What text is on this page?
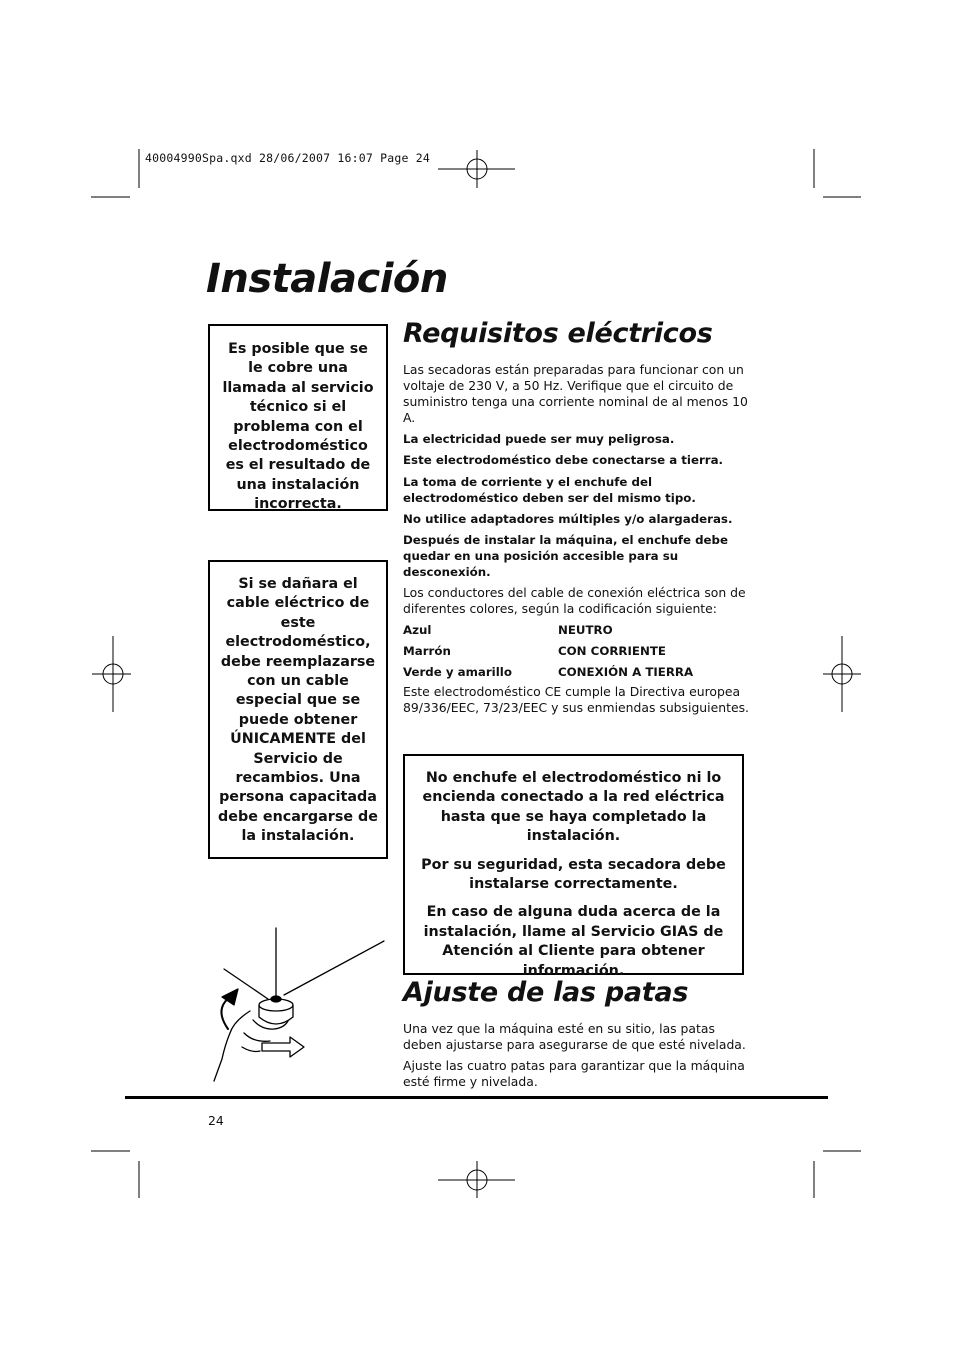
40004990Spa.qxd 28/06/2007 16:07 Page 24
Instalación

Es posible que se le cobre una llamada al servicio técnico si el problema con el electrodoméstico es el resultado de una instalación incorrecta.

Si se dañara el cable eléctrico de este electrodoméstico, debe reemplazarse con un cable especial que se puede obtener ÚNICAMENTE del Servicio de recambios. Una persona capacitada debe encargarse de la instalación.

Requisitos eléctricos

Las secadoras están preparadas para funcionar con un voltaje de 230 V, a 50 Hz. Verifique que el circuito de suministro tenga una corriente nominal de al menos 10 A.

La electricidad puede ser muy peligrosa.

Este electrodoméstico debe conectarse a tierra.

La toma de corriente y el enchufe del electrodoméstico deben ser del mismo tipo.

No utilice adaptadores múltiples y/o alargaderas.

Después de instalar la máquina, el enchufe debe quedar en una posición accesible para su desconexión.

Los conductores del cable de conexión eléctrica son de diferentes colores, según la codificación siguiente:

Azul	NEUTRO
Marrón	CON CORRIENTE
Verde y amarillo	CONEXIÓN A TIERRA

Este electrodoméstico CE cumple la Directiva europea 89/336/EEC, 73/23/EEC y sus enmiendas subsiguientes.

No enchufe el electrodoméstico ni lo encienda conectado a la red eléctrica hasta que se haya completado la instalación.

Por su seguridad, esta secadora debe instalarse correctamente.

En caso de alguna duda acerca de la instalación, llame al Servicio GIAS de Atención al Cliente para obtener información.

Ajuste de las patas

Una vez que la máquina esté en su sitio, las patas deben ajustarse para asegurarse de que esté nivelada.

Ajuste las cuatro patas para garantizar que la máquina esté firme y nivelada.

24
